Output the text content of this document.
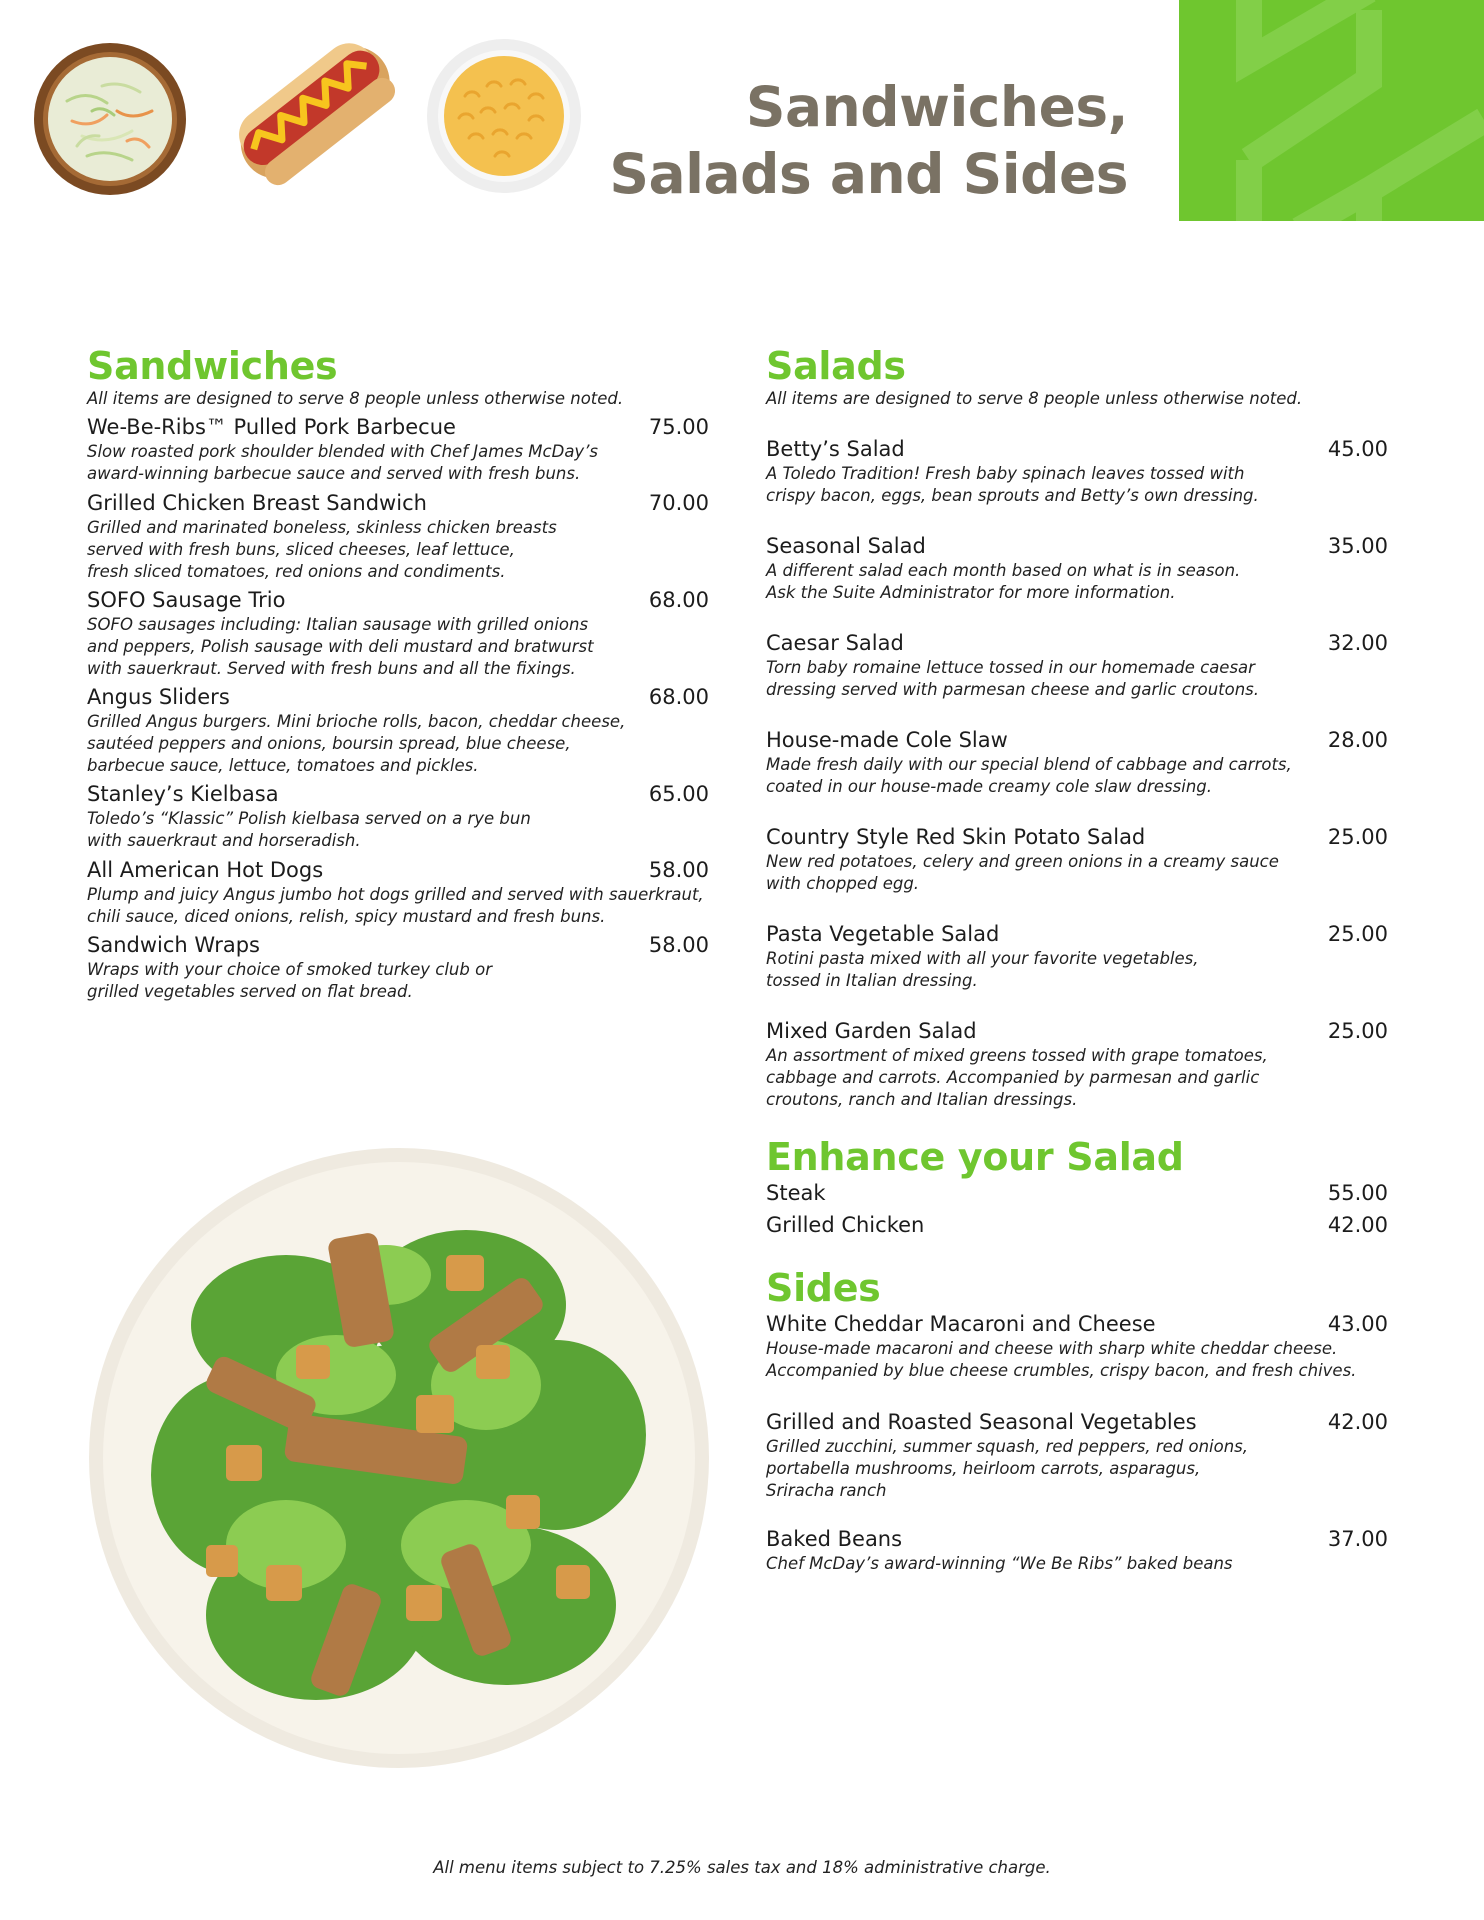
Sandwiches,
Salads and Sides
Sandwiches
All items are designed to serve 8 people unless otherwise noted.
We-Be-Ribs™ Pulled Pork Barbecue	75.00
Slow roasted pork shoulder blended with Chef James McDay’s
award-winning barbecue sauce and served with fresh buns.
Grilled Chicken Breast Sandwich	70.00
Grilled and marinated boneless, skinless chicken breasts
served with fresh buns, sliced cheeses, leaf lettuce,
fresh sliced tomatoes, red onions and condiments.
SOFO Sausage Trio	68.00
SOFO sausages including: Italian sausage with grilled onions
and peppers, Polish sausage with deli mustard and bratwurst
with sauerkraut. Served with fresh buns and all the fixings.
Angus Sliders	68.00
Grilled Angus burgers. Mini brioche rolls, bacon, cheddar cheese,
sautéed peppers and onions, boursin spread, blue cheese,
barbecue sauce, lettuce, tomatoes and pickles.
Stanley’s Kielbasa	65.00
Toledo’s “Klassic” Polish kielbasa served on a rye bun
with sauerkraut and horseradish.
All American Hot Dogs	58.00
Plump and juicy Angus jumbo hot dogs grilled and served with sauerkraut,
chili sauce, diced onions, relish, spicy mustard and fresh buns.
Sandwich Wraps	58.00
Wraps with your choice of smoked turkey club or
grilled vegetables served on flat bread.
Salads
All items are designed to serve 8 people unless otherwise noted.
Betty’s Salad	45.00
A Toledo Tradition! Fresh baby spinach leaves tossed with
crispy bacon, eggs, bean sprouts and Betty’s own dressing.
Seasonal Salad	35.00
A different salad each month based on what is in season.
Ask the Suite Administrator for more information.
Caesar Salad	32.00
Torn baby romaine lettuce tossed in our homemade caesar
dressing served with parmesan cheese and garlic croutons.
House-made Cole Slaw	28.00
Made fresh daily with our special blend of cabbage and carrots,
coated in our house-made creamy cole slaw dressing.
Country Style Red Skin Potato Salad	25.00
New red potatoes, celery and green onions in a creamy sauce
with chopped egg.
Pasta Vegetable Salad	25.00
Rotini pasta mixed with all your favorite vegetables,
tossed in Italian dressing.
Mixed Garden Salad	25.00
An assortment of mixed greens tossed with grape tomatoes,
cabbage and carrots. Accompanied by parmesan and garlic
croutons, ranch and Italian dressings.
Enhance your Salad
Steak	55.00
Grilled Chicken	42.00
Sides
White Cheddar Macaroni and Cheese	43.00
House-made macaroni and cheese with sharp white cheddar cheese.
Accompanied by blue cheese crumbles, crispy bacon, and fresh chives.
Grilled and Roasted Seasonal Vegetables	42.00
Grilled zucchini, summer squash, red peppers, red onions,
portabella mushrooms, heirloom carrots, asparagus,
Sriracha ranch
Baked Beans	37.00
Chef McDay’s award-winning “We Be Ribs” baked beans
All menu items subject to 7.25% sales tax and 18% administrative charge.
